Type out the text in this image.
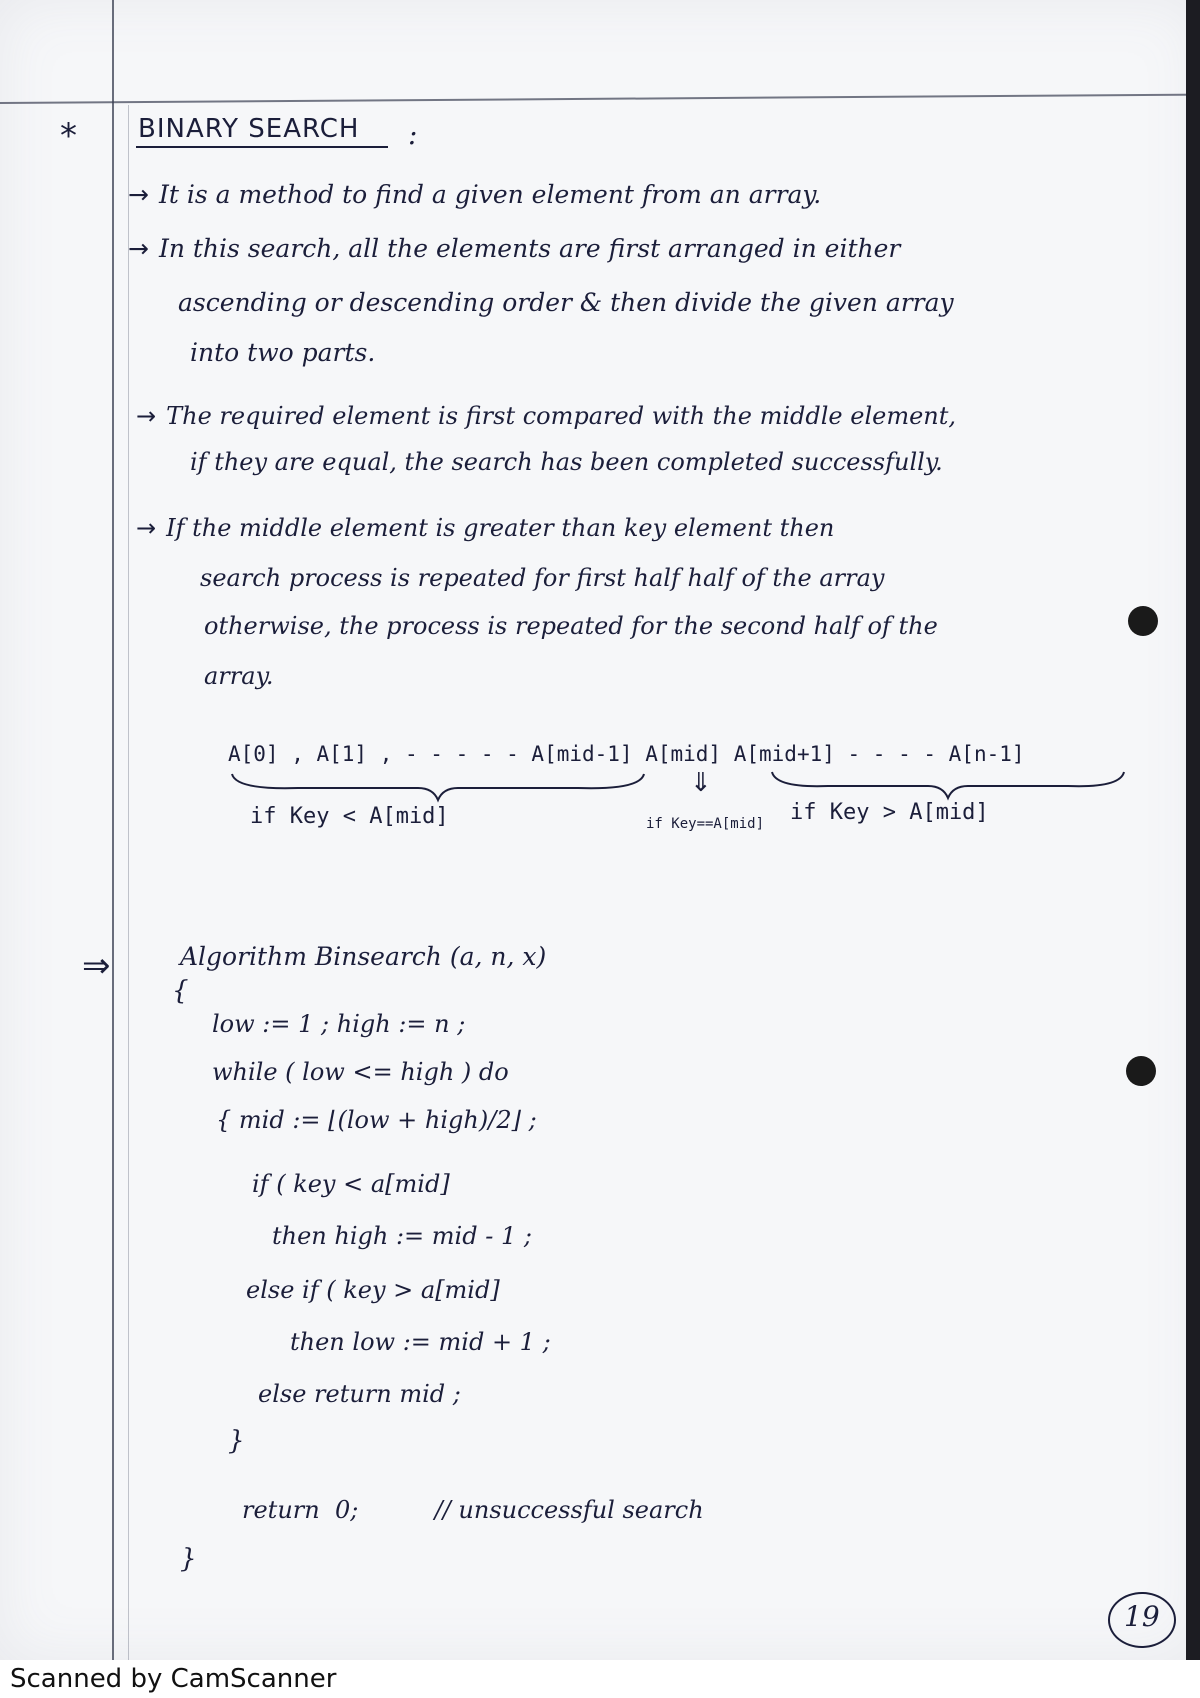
* BINARY SEARCH :
→ It is a method to find a given element from an array.
→ In this search, all the elements are first arranged in either
ascending or descending order & then divide the given array
into two parts.
→ The required element is first compared with the middle element,
if they are equal, the search has been completed successfully.
→ If the middle element is greater than key element then
search process is repeated for first half half of the array
otherwise, the process is repeated for the second half of the
array.
A[0] , A[1] , - - - - - A[mid-1] A[mid] A[mid+1] - - - - A[n-1]
⇓
if Key < A[mid]	if Key==A[mid] if Key > A[mid]
⇒	Algorithm Binsearch (a, n, x)
{
low := 1 ; high := n ;
while ( low <= high ) do
{ mid := ⌊(low + high)/2⌋ ;
if ( key < a[mid]
then high := mid - 1 ;
else if ( key > a[mid]
then low := mid + 1 ;
else return mid ;
}
return  0;          // unsuccessful search
}
19
Scanned by CamScanner
